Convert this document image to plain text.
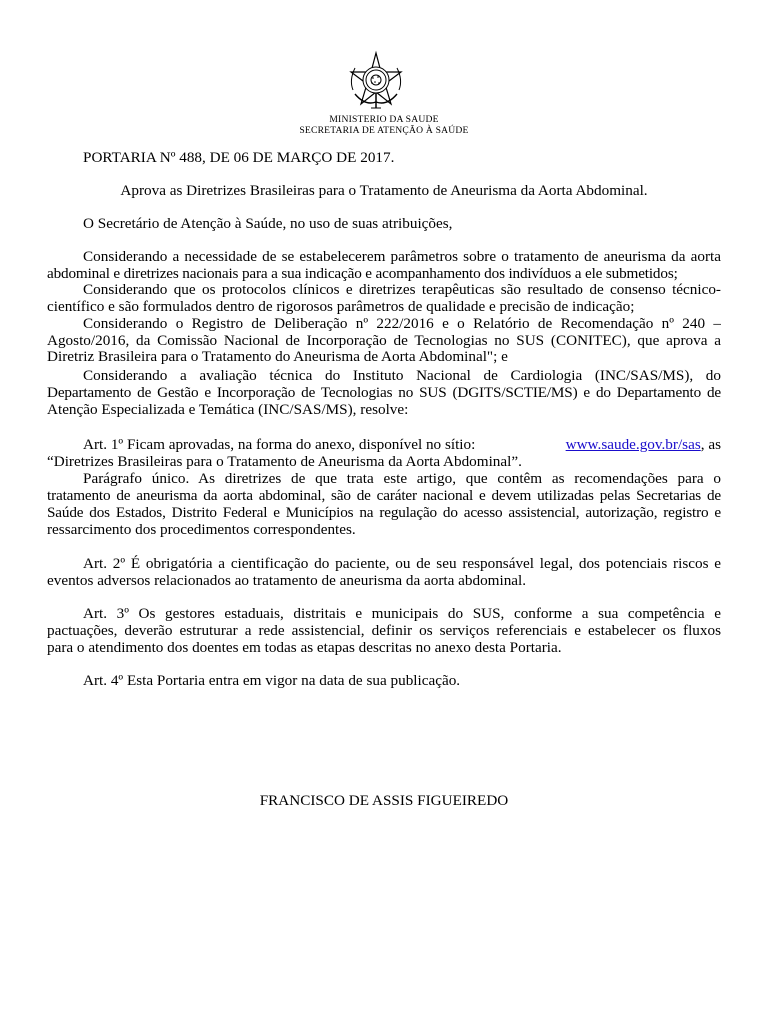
MINISTERIO DA SAUDE
SECRETARIA DE ATENÇÃO À SAÚDE
PORTARIA Nº 488, DE 06 DE MARÇO DE 2017.
Aprova as Diretrizes Brasileiras para o Tratamento de Aneurisma da Aorta Abdominal.
O Secretário de Atenção à Saúde, no uso de suas atribuições,
Considerando a necessidade de se estabelecerem parâmetros sobre o tratamento de aneurisma da aorta
abdominal e diretrizes nacionais para a sua indicação e acompanhamento dos indivíduos a ele submetidos;
Considerando que os protocolos clínicos e diretrizes terapêuticas são resultado de consenso técnico-
científico e são formulados dentro de rigorosos parâmetros de qualidade e precisão de indicação;
Considerando o Registro de Deliberação nº 222/2016 e o Relatório de Recomendação nº 240 –
Agosto/2016, da Comissão Nacional de Incorporação de Tecnologias no SUS (CONITEC), que aprova a
Diretriz Brasileira para o Tratamento do Aneurisma de Aorta Abdominal"; e
Considerando a avaliação técnica do Instituto Nacional de Cardiologia (INC/SAS/MS), do
Departamento de Gestão e Incorporação de Tecnologias no SUS (DGITS/SCTIE/MS) e do Departamento de
Atenção Especializada e Temática (INC/SAS/MS), resolve:
Art. 1º Ficam aprovadas, na forma do anexo, disponível no sítio:	www.saude.gov.br/sas, as
“Diretrizes Brasileiras para o Tratamento de Aneurisma da Aorta Abdominal”.
Parágrafo único. As diretrizes de que trata este artigo, que contêm as recomendações para o
tratamento de aneurisma da aorta abdominal, são de caráter nacional e devem utilizadas pelas Secretarias de
Saúde dos Estados, Distrito Federal e Municípios na regulação do acesso assistencial, autorização, registro e
ressarcimento dos procedimentos correspondentes.
Art. 2º É obrigatória a cientificação do paciente, ou de seu responsável legal, dos potenciais riscos e
eventos adversos relacionados ao tratamento de aneurisma da aorta abdominal.
Art. 3º Os gestores estaduais, distritais e municipais do SUS, conforme a sua competência e
pactuações, deverão estruturar a rede assistencial, definir os serviços referenciais e estabelecer os fluxos
para o atendimento dos doentes em todas as etapas descritas no anexo desta Portaria.
Art. 4º Esta Portaria entra em vigor na data de sua publicação.
FRANCISCO DE ASSIS FIGUEIREDO
